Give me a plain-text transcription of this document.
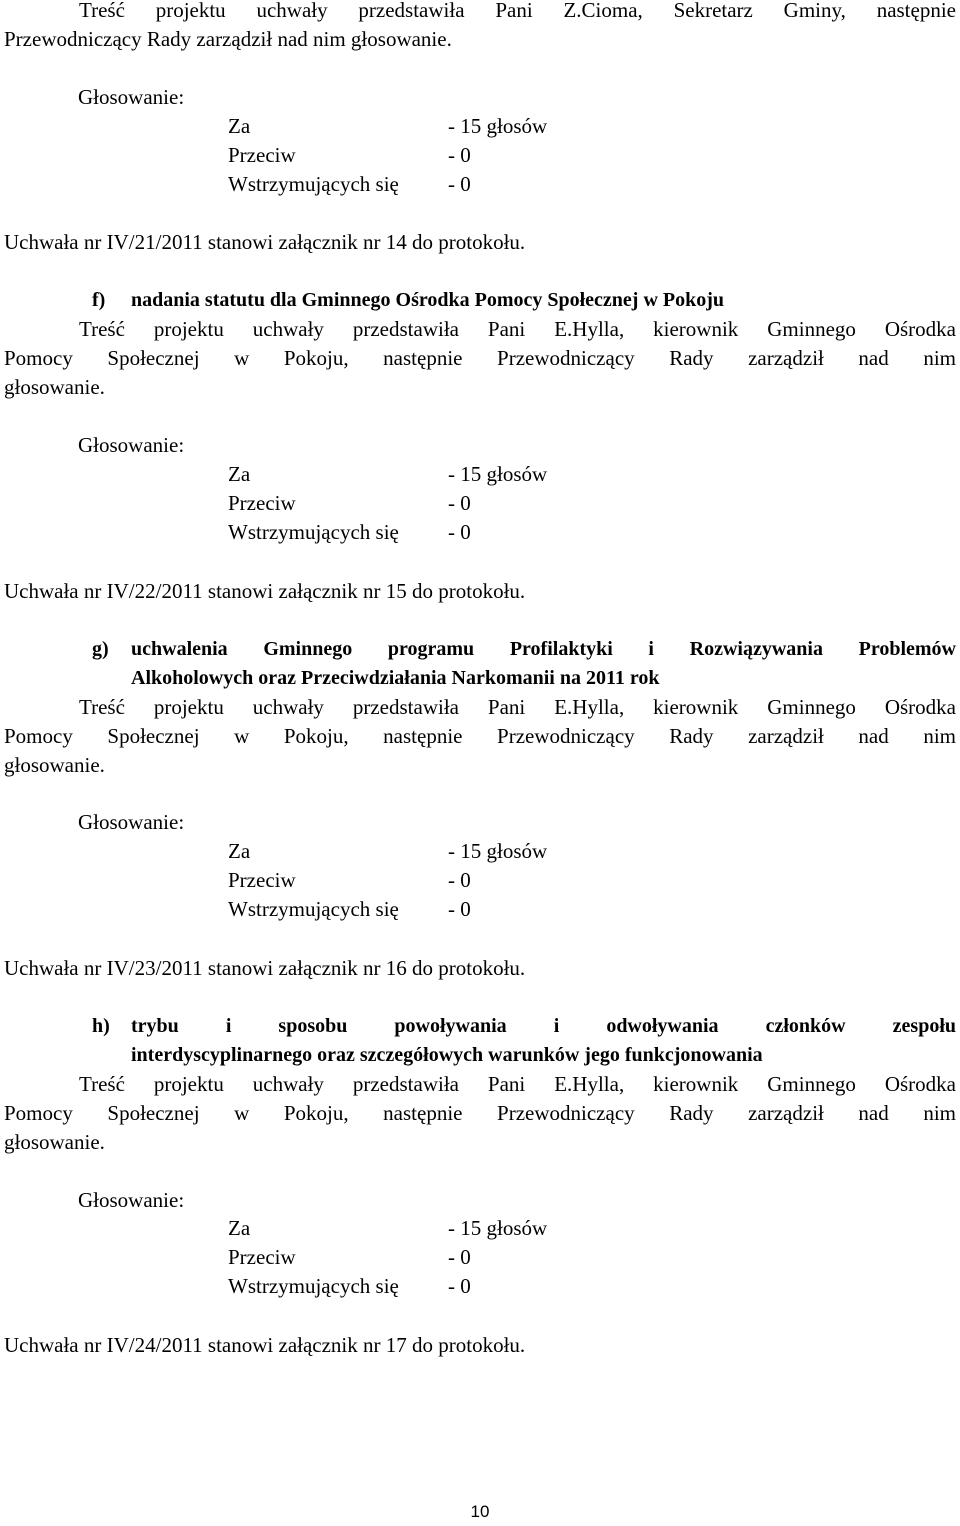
Treść projektu uchwały przedstawiła Pani Z.Cioma, Sekretarz Gminy, następnie
Przewodniczący Rady zarządził nad nim głosowanie.
Głosowanie:
Za	- 15 głosów
Przeciw	- 0
Wstrzymujących się - 0
Uchwała nr IV/21/2011 stanowi załącznik nr 14 do protokołu.
f) nadania statutu dla Gminnego Ośrodka Pomocy Społecznej w Pokoju
Treść projektu uchwały przedstawiła Pani E.Hylla, kierownik Gminnego Ośrodka
Pomocy Społecznej w Pokoju, następnie Przewodniczący Rady zarządził nad nim
głosowanie.
Głosowanie:
Za	- 15 głosów
Przeciw	- 0
Wstrzymujących się - 0
Uchwała nr IV/22/2011 stanowi załącznik nr 15 do protokołu.
g) uchwalenia Gminnego programu Profilaktyki i Rozwiązywania Problemów
Alkoholowych oraz Przeciwdziałania Narkomanii na 2011 rok
Treść projektu uchwały przedstawiła Pani E.Hylla, kierownik Gminnego Ośrodka
Pomocy Społecznej w Pokoju, następnie Przewodniczący Rady zarządził nad nim
głosowanie.
Głosowanie:
Za	- 15 głosów
Przeciw	- 0
Wstrzymujących się - 0
Uchwała nr IV/23/2011 stanowi załącznik nr 16 do protokołu.
h) trybu i sposobu powoływania i odwoływania członków zespołu
interdyscyplinarnego oraz szczegółowych warunków jego funkcjonowania
Treść projektu uchwały przedstawiła Pani E.Hylla, kierownik Gminnego Ośrodka
Pomocy Społecznej w Pokoju, następnie Przewodniczący Rady zarządził nad nim
głosowanie.
Głosowanie:
Za	- 15 głosów
Przeciw	- 0
Wstrzymujących się - 0
Uchwała nr IV/24/2011 stanowi załącznik nr 17 do protokołu.
10
